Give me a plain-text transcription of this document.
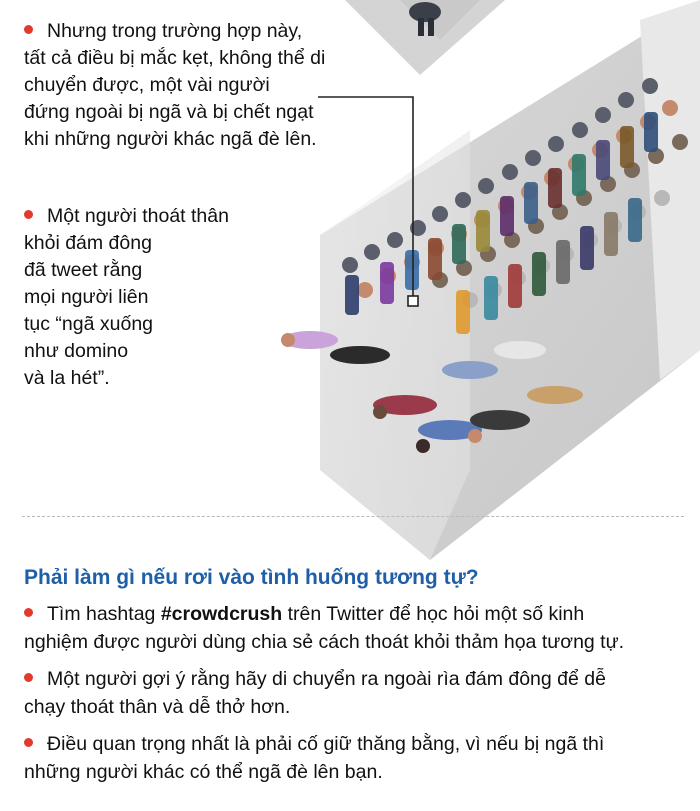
Nhưng trong trường hợp này,
tất cả điều bị mắc kẹt, không thể di
chuyển được, một vài người
đứng ngoài bị ngã và bị chết ngạt
khi những người khác ngã đè lên.
Một người thoát thân
khỏi đám đông
đã tweet rằng
mọi người liên
tục “ngã xuống
như domino
và la hét”.
Phải làm gì nếu rơi vào tình huống tương tự?
Tìm hashtag #crowdcrush trên Twitter để học hỏi một số kinh
nghiệm được người dùng chia sẻ cách thoát khỏi thảm họa tương tự.
Một người gợi ý rằng hãy di chuyển ra ngoài rìa đám đông để dễ
chạy thoát thân và dễ thở hơn.
Điều quan trọng nhất là phải cố giữ thăng bằng, vì nếu bị ngã thì
những người khác có thể ngã đè lên bạn.
